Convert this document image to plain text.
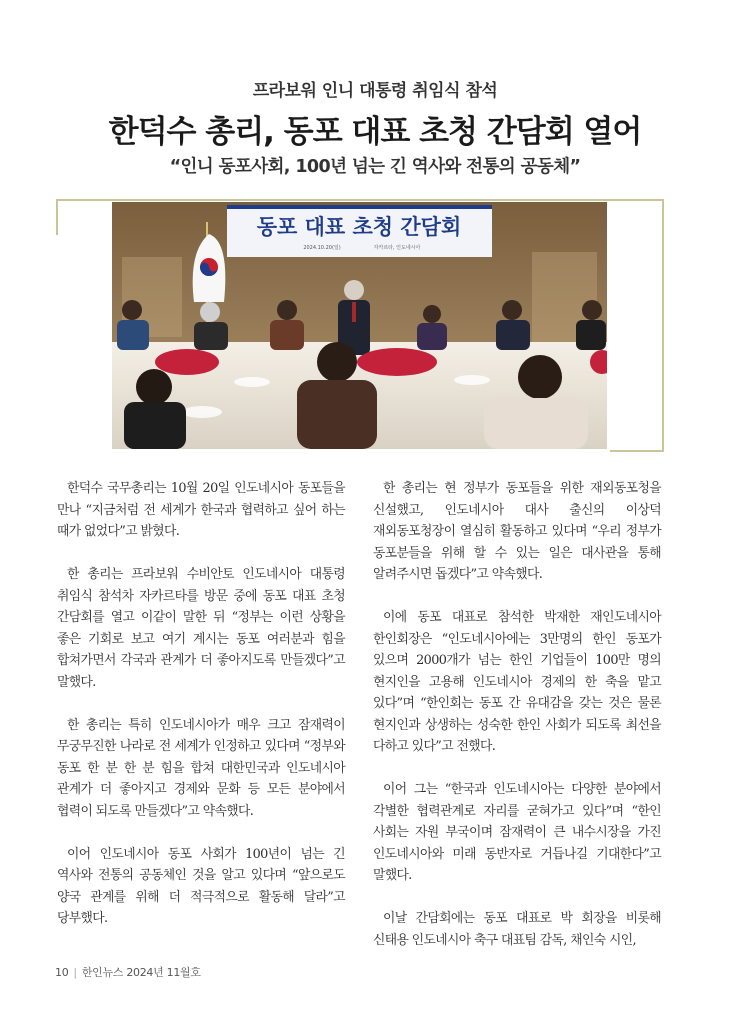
프라보워 인니 대통령 취임식 참석
한덕수 총리, 동포 대표 초청 간담회 열어
“인니 동포사회, 100년 넘는 긴 역사와 전통의 공동체”
동포 대표 초청 간담회
2024.10.20(일)	자카르타, 인도네시아

한덕수 국무총리는 10월 20일 인도네시아 동포들을 만나 “지금처럼 전 세계가 한국과 협력하고 싶어 하는 때가 없었다”고 밝혔다.

한 총리는 프라보워 수비안토 인도네시아 대통령 취임식 참석차 자카르타를 방문 중에 동포 대표 초청 간담회를 열고 이같이 말한 뒤 “정부는 이런 상황을 좋은 기회로 보고 여기 계시는 동포 여러분과 힘을 합쳐가면서 각국과 관계가 더 좋아지도록 만들겠다”고 말했다.

한 총리는 특히 인도네시아가 매우 크고 잠재력이 무궁무진한 나라로 전 세계가 인정하고 있다며 “정부와 동포 한 분 한 분 힘을 합쳐 대한민국과 인도네시아 관계가 더 좋아지고 경제와 문화 등 모든 분야에서 협력이 되도록 만들겠다”고 약속했다.

이어 인도네시아 동포 사회가 100년이 넘는 긴 역사와 전통의 공동체인 것을 알고 있다며 “앞으로도 양국 관계를 위해 더 적극적으로 활동해 달라”고 당부했다.

한 총리는 현 정부가 동포들을 위한 재외동포청을 신설했고, 인도네시아 대사 출신의 이상덕 재외동포청장이 열심히 활동하고 있다며 “우리 정부가 동포분들을 위해 할 수 있는 일은 대사관을 통해 알려주시면 돕겠다”고 약속했다.

이에 동포 대표로 참석한 박재한 재인도네시아 한인회장은 “인도네시아에는 3만명의 한인 동포가 있으며 2000개가 넘는 한인 기업들이 100만 명의 현지인을 고용해 인도네시아 경제의 한 축을 맡고 있다”며 “한인회는 동포 간 유대감을 갖는 것은 물론 현지인과 상생하는 성숙한 한인 사회가 되도록 최선을 다하고 있다”고 전했다.

이어 그는 “한국과 인도네시아는 다양한 분야에서 각별한 협력관계로 자리를 굳혀가고 있다”며 “한인 사회는 자원 부국이며 잠재력이 큰 내수시장을 가진 인도네시아와 미래 동반자로 거듭나길 기대한다”고 말했다.

이날 간담회에는 동포 대표로 박 회장을 비롯해 신태용 인도네시아 축구 대표팀 감독, 채인숙 시인,

10 | 한인뉴스 2024년 11월호
